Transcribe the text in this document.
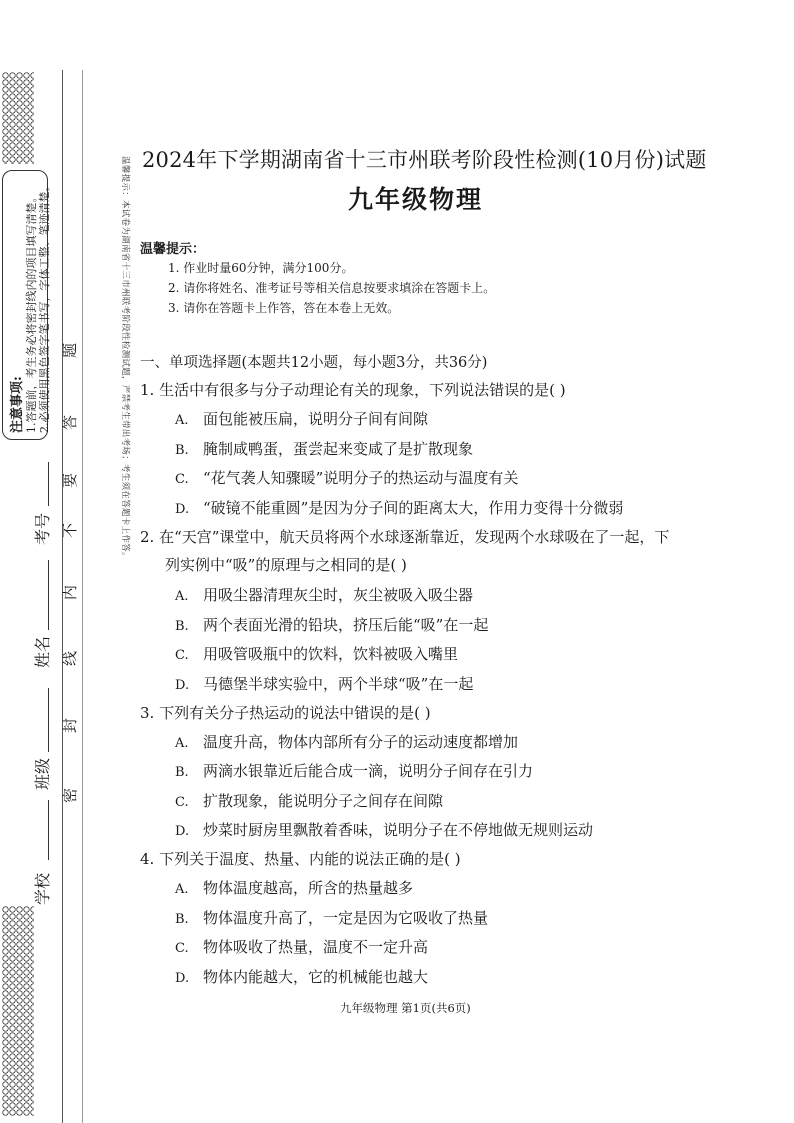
注意事项: 1.答题前，考生务必将密封线内的项目填写清楚。 2.必须使用黑色签字笔书写，字体工整、笔迹清楚。
考号
姓名
班级
学校
题
答
要
不
内
线
封
密
温馨提示：本试卷为湖南省十三市州联考阶段性检测试题，严禁考生带出考场；考生须在答题卡上作答。 2024年下学期湖南省十三市州联考阶段性检测(10月份)试题
九年级物理
温馨提示：
1. 作业时量60分钟，满分100分。
2. 请你将姓名、准考证号等相关信息按要求填涂在答题卡上。
3. 请你在答题卡上作答，答在本卷上无效。
一、单项选择题(本题共12小题，每小题3分，共36分)
1. 生活中有很多与分子动理论有关的现象，下列说法错误的是( )
A. 面包能被压扁，说明分子间有间隙
B. 腌制咸鸭蛋，蛋尝起来变咸了是扩散现象
C. “花气袭人知骤暖”说明分子的热运动与温度有关
D. “破镜不能重圆”是因为分子间的距离太大，作用力变得十分微弱
2. 在“天宫”课堂中，航天员将两个水球逐渐靠近，发现两个水球吸在了一起，下
列实例中“吸”的原理与之相同的是( )
A. 用吸尘器清理灰尘时，灰尘被吸入吸尘器
B. 两个表面光滑的铅块，挤压后能“吸”在一起
C. 用吸管吸瓶中的饮料，饮料被吸入嘴里
D. 马德堡半球实验中，两个半球“吸”在一起
3. 下列有关分子热运动的说法中错误的是( )
A. 温度升高，物体内部所有分子的运动速度都增加
B. 两滴水银靠近后能合成一滴，说明分子间存在引力
C. 扩散现象，能说明分子之间存在间隙
D. 炒菜时厨房里飘散着香味，说明分子在不停地做无规则运动
4. 下列关于温度、热量、内能的说法正确的是( )
A. 物体温度越高，所含的热量越多
B. 物体温度升高了，一定是因为它吸收了热量
C. 物体吸收了热量，温度不一定升高
D. 物体内能越大，它的机械能也越大
九年级物理 第1页(共6页)
